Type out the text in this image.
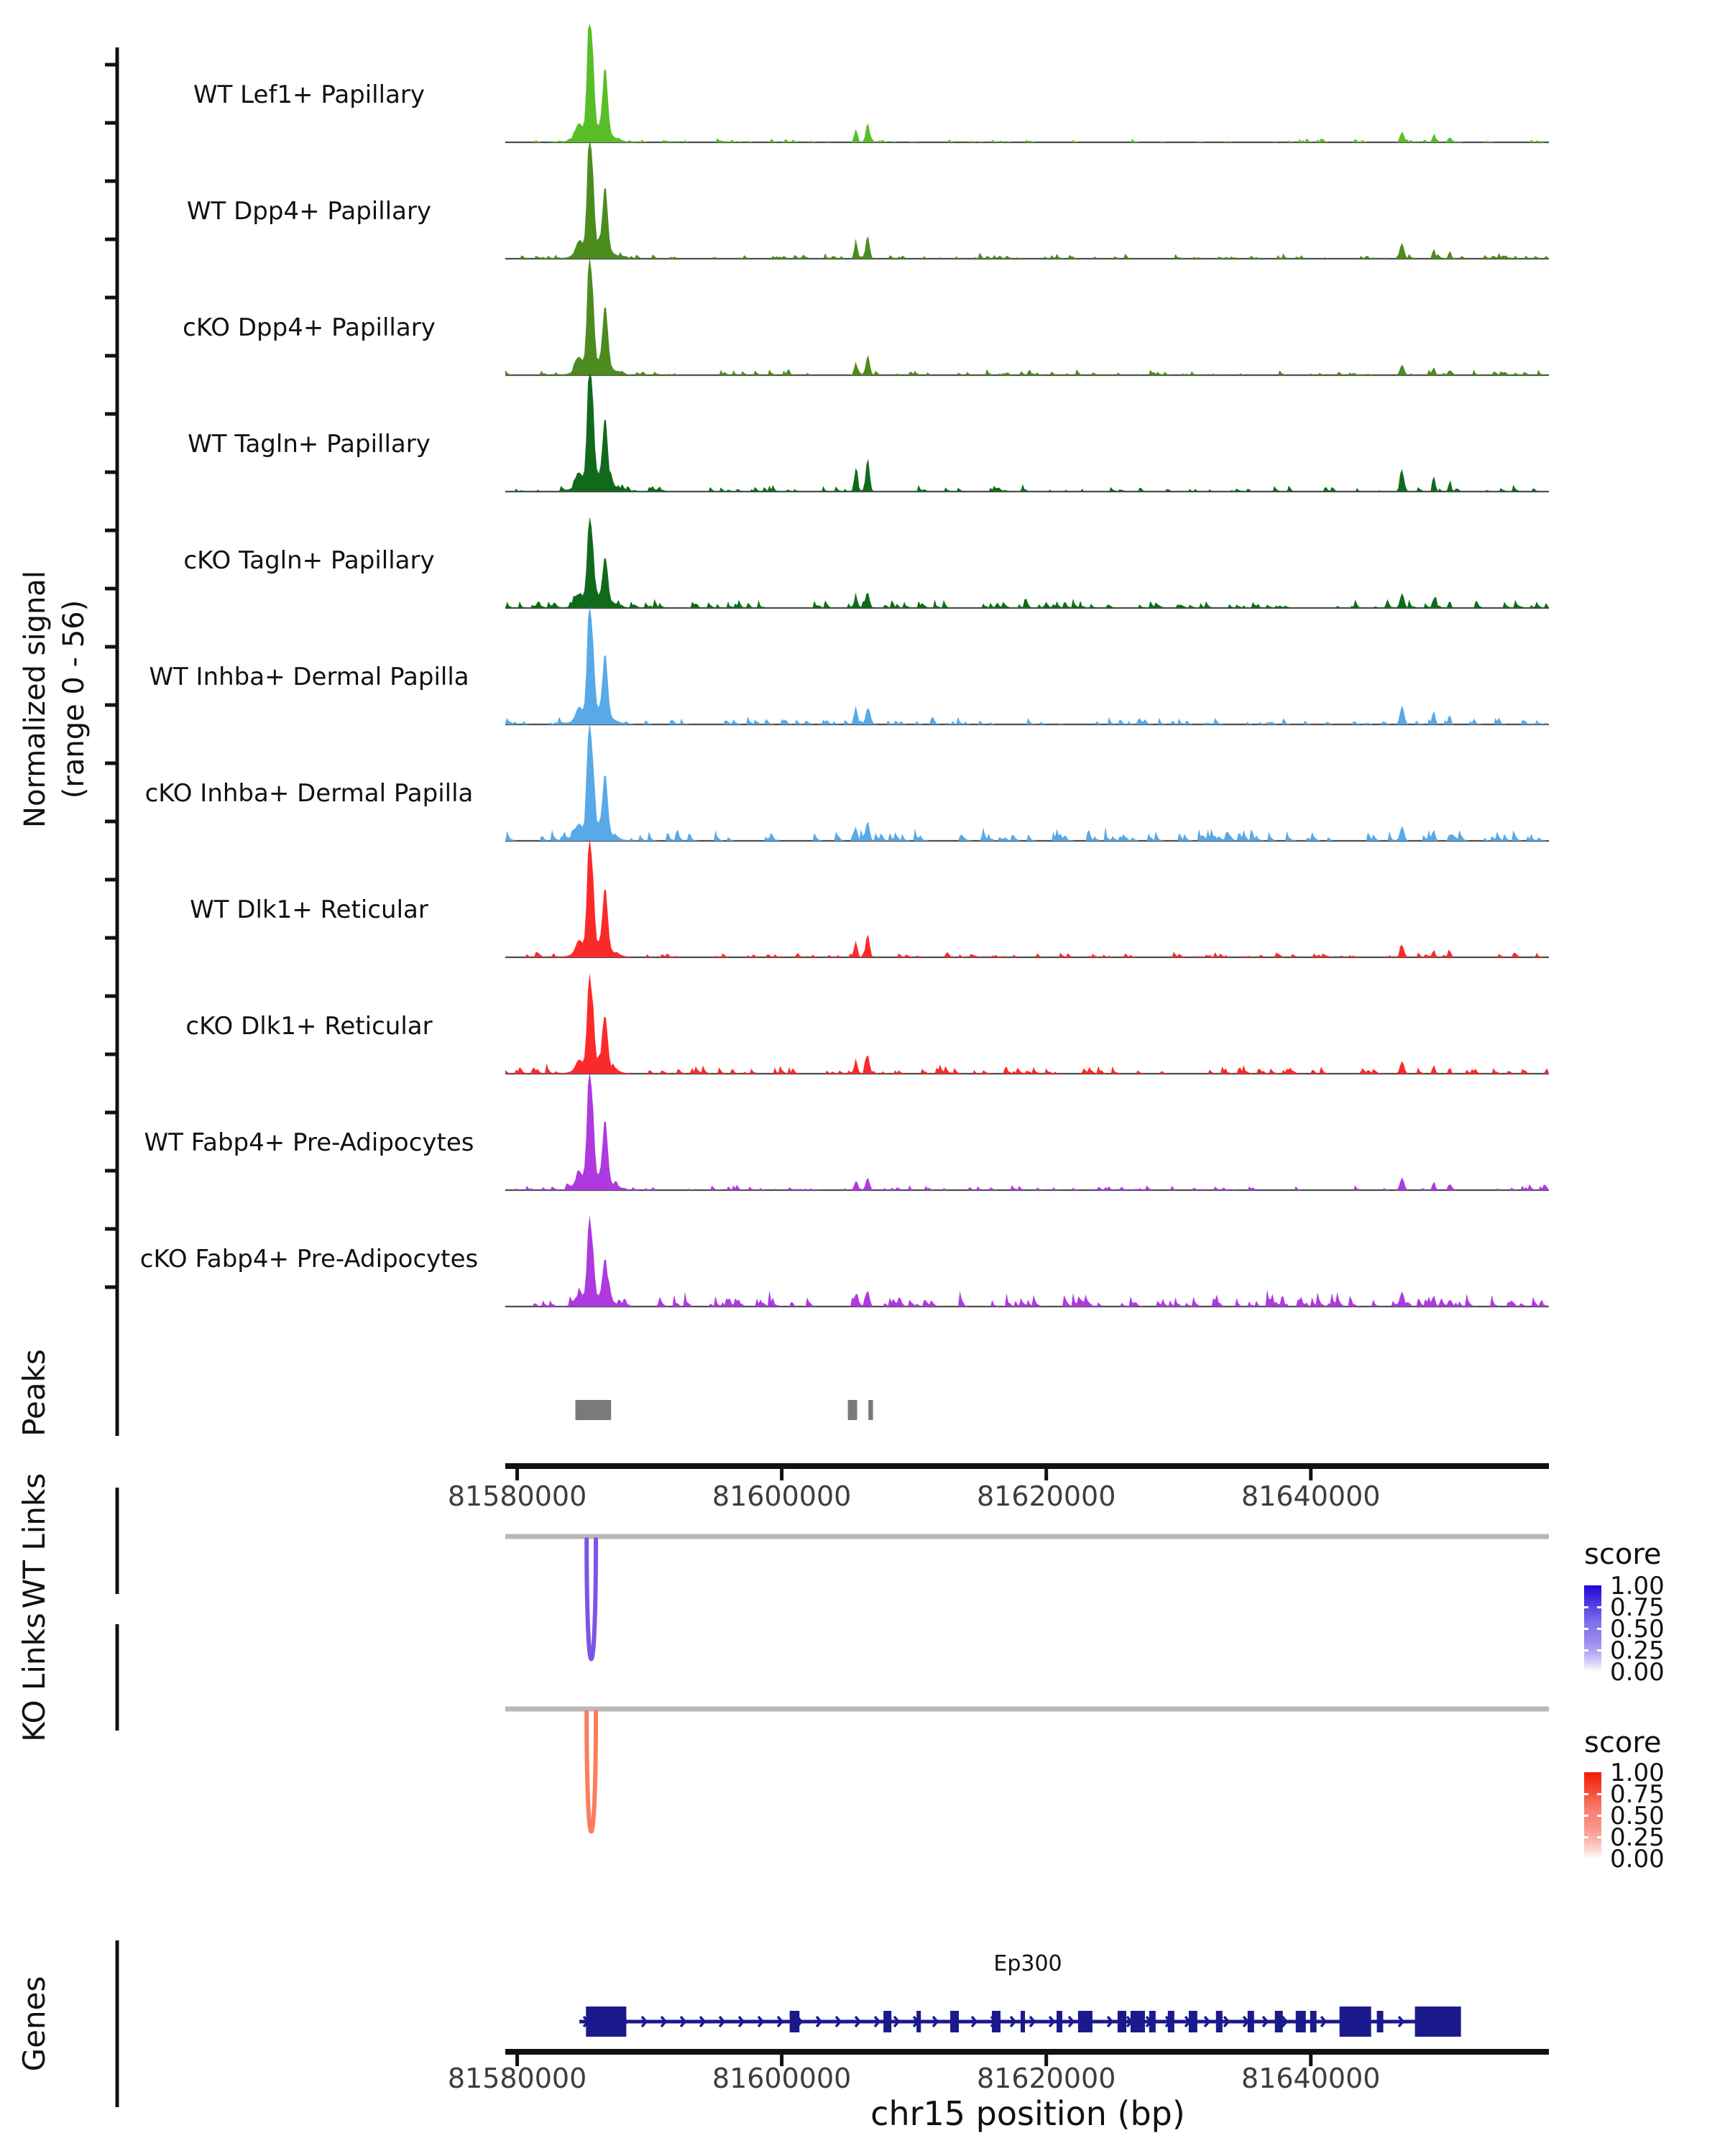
Normalized signal (range 0 - 56)
Peaks
WT Links
KO Links
Genes
WT Lef1+ Papillary
WT Dpp4+ Papillary
cKO Dpp4+ Papillary
WT Tagln+ Papillary
cKO Tagln+ Papillary
WT Inhba+ Dermal Papilla
cKO Inhba+ Dermal Papilla
WT Dlk1+ Reticular
cKO Dlk1+ Reticular
WT Fabp4+ Pre-Adipocytes
cKO Fabp4+ Pre-Adipocytes
81580000	81600000	81620000	81640000
1.00
0.75
0.50
0.25
0.00
1.00
0.75
0.50
0.25
0.00
81580000	81600000	81620000	81640000
score
score
Ep300
chr15 position (bp)
